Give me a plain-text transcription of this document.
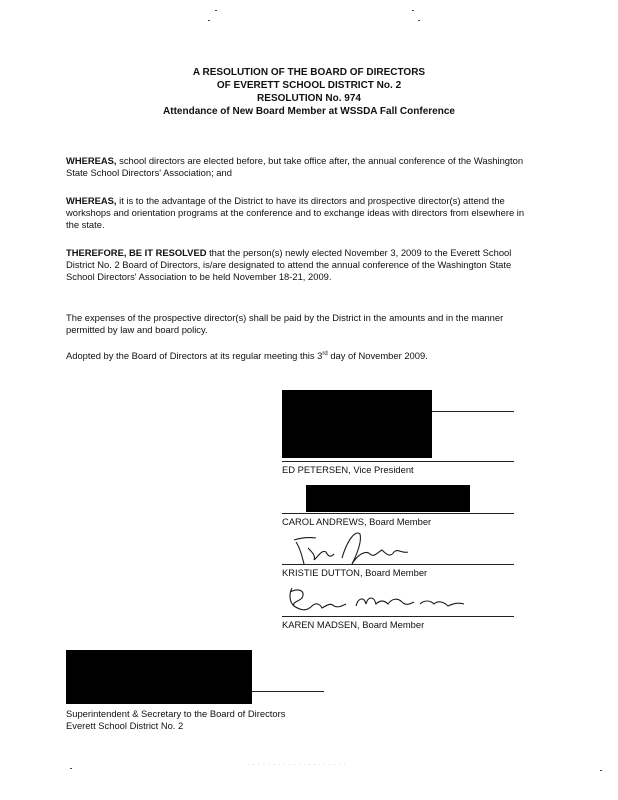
A RESOLUTION OF THE BOARD OF DIRECTORS
OF EVERETT SCHOOL DISTRICT No. 2
RESOLUTION No. 974
Attendance of New Board Member at WSSDA Fall Conference
WHEREAS, school directors are elected before, but take office after, the annual conference of the Washington State School Directors' Association; and
WHEREAS, it is to the advantage of the District to have its directors and prospective director(s) attend the workshops and orientation programs at the conference and to exchange ideas with directors from elsewhere in the state.
THEREFORE, BE IT RESOLVED that the person(s) newly elected November 3, 2009 to the Everett School District No. 2 Board of Directors, is/are designated to attend the annual conference of the Washington State School Directors' Association to be held November 18-21, 2009.
The expenses of the prospective director(s) shall be paid by the District in the amounts and in the manner permitted by law and board policy.
Adopted by the Board of Directors at its regular meeting this 3rd day of November 2009.
ED PETERSEN, Vice President
CAROL ANDREWS, Board Member
KRISTIE DUTTON, Board Member
KAREN MADSEN, Board Member
Superintendent & Secretary to the Board of Directors
Everett School District No. 2
· · · · · · · · · · · · · · · · · · · ·
